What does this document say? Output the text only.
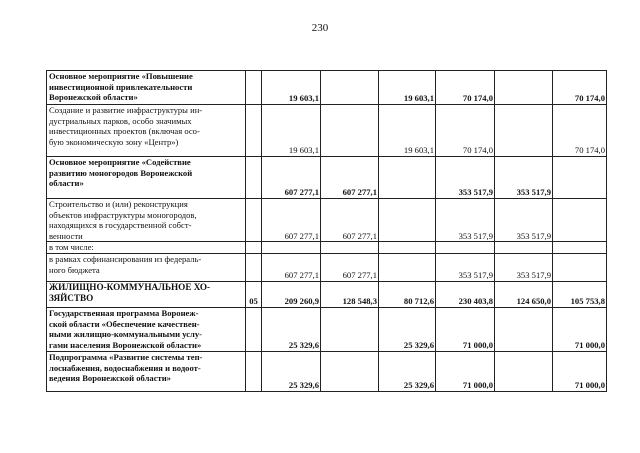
230
Основное мероприятие «Повышение
инвестиционной привлекательности
Воронежской области»		19 603,1		19 603,1	70 174,0		70 174,0

Создание и развитие инфраструктуры ин-
дустриальных парков, особо значимых
инвестиционных проектов (включая осо-
бую экономическую зону «Центр»)		19 603,1		19 603,1	70 174,0		70 174,0

Основное мероприятие «Содействие
развитию моногородов Воронежской
области»		607 277,1	607 277,1		353 517,9	353 517,9	

Строительство и (или) реконструкция
объектов инфраструктуры моногородов,
находящихся в государственной собст-
венности		607 277,1	607 277,1		353 517,9	353 517,9	

в том числе:							

в рамках софинансирования из федераль-
ного бюджета		607 277,1	607 277,1		353 517,9	353 517,9	

ЖИЛИЩНО-КОММУНАЛЬНОЕ ХО-
ЗЯЙСТВО	05	209 260,9	128 548,3	80 712,6	230 403,8	124 650,0	105 753,8

Государственная программа Воронеж-
ской области «Обеспечение качествен-
ными жилищно-коммунальными услу-
гами населения Воронежской области»		25 329,6		25 329,6	71 000,0		71 000,0

Подпрограмма «Развитие системы теп-
лоснабжения, водоснабжения и водоот-
ведения Воронежской области»		25 329,6		25 329,6	71 000,0		71 000,0
